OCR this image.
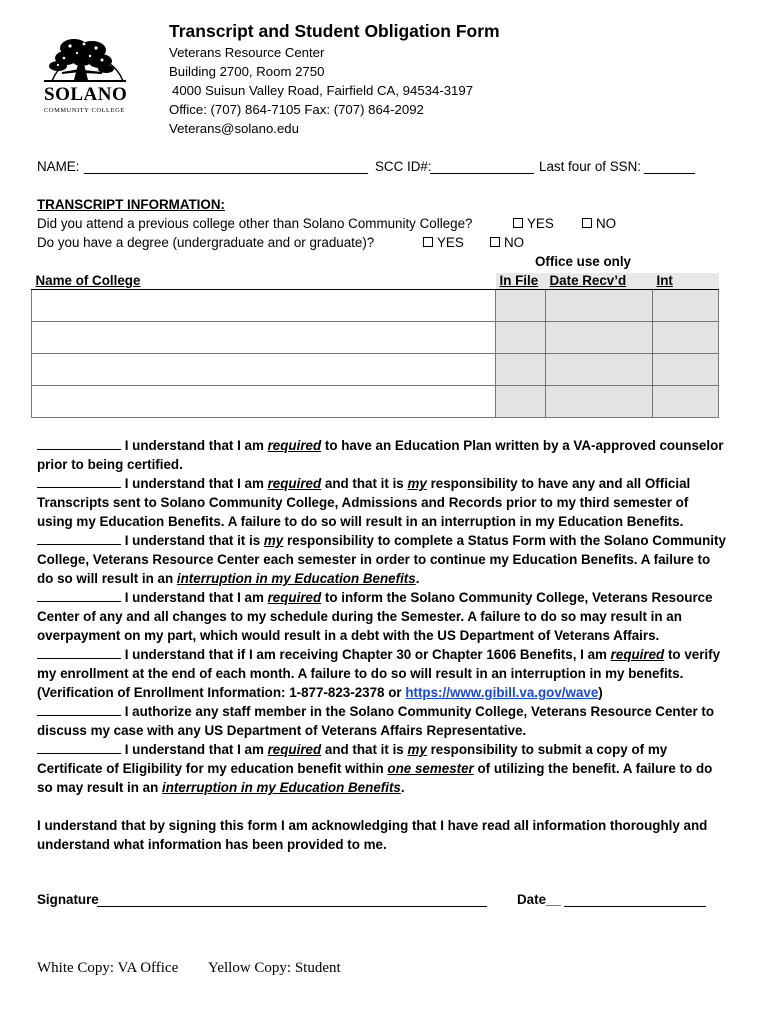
SOLANO
COMMUNITY COLLEGE
Transcript and Student Obligation Form
Veterans Resource Center
Building 2700, Room 2750
4000 Suisun Valley Road, Fairfield CA, 94534-3197
Office: (707) 864-7105 Fax: (707) 864-2092
Veterans@solano.edu
NAME:	SCC ID#:	Last four of SSN:
TRANSCRIPT INFORMATION:
Did you attend a previous college other than Solano Community College?	YES	NO
Do you have a degree (undergraduate and or graduate)?	YES	NO
Office use only
Name of College	In File	Date Recv’d	Int

I understand that I am required to have an Education Plan written by a VA-approved counselor prior to being certified.

I understand that I am required and that it is my responsibility to have any and all Official Transcripts sent to Solano Community College, Admissions and Records prior to my third semester of using my Education Benefits. A failure to do so will result in an interruption in my Education Benefits.

I understand that it is my responsibility to complete a Status Form with the Solano Community College, Veterans Resource Center each semester in order to continue my Education Benefits. A failure to do so will result in an interruption in my Education Benefits.

I understand that I am required to inform the Solano Community College, Veterans Resource Center of any and all changes to my schedule during the Semester. A failure to do so may result in an overpayment on my part, which would result in a debt with the US Department of Veterans Affairs.

I understand that if I am receiving Chapter 30 or Chapter 1606 Benefits, I am required to verify my enrollment at the end of each month. A failure to do so will result in an interruption in my benefits. (Verification of Enrollment Information: 1-877-823-2378 or https://www.gibill.va.gov/wave)

I authorize any staff member in the Solano Community College, Veterans Resource Center to discuss my case with any US Department of Veterans Affairs Representative.

I understand that I am required and that it is my responsibility to submit a copy of my Certificate of Eligibility for my education benefit within one semester of utilizing the benefit. A failure to do so may result in an interruption in my Education Benefits.

I understand that by signing this form I am acknowledging that I have read all information thoroughly and understand what information has been provided to me.

Signature	Date__
White Copy: VA Office Yellow Copy: Student
